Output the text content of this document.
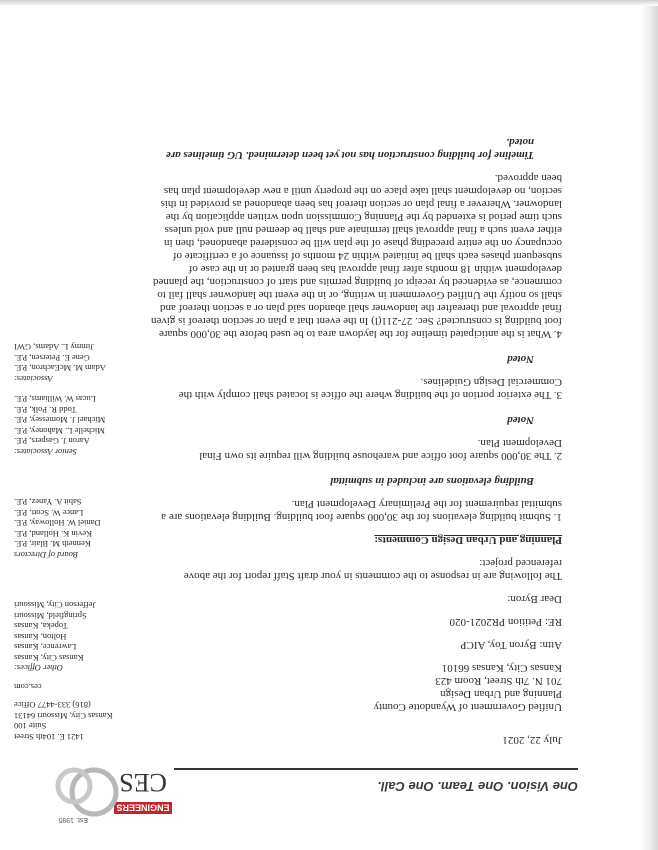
One Vision. One Team. One Call.
ENGINEERS
CES
Est. 1995
July 22, 2021
Unified Government of Wyandotte County
Planning and Urban Design
701 N. 7th Street, Room 423
Kansas City, Kansas 66101
Attn: Byron Toy, AICP
RE: Petition PR2021-020
Dear Byron:
The following are in response to the comments in your draft Staff report for the above referenced project:
Planning and Urban Design Comments:
1. Submit building elevations for the 30,000 square foot building. Building elevations are a submittal requirement for the Preliminary Development Plan.
Building elevations are included in submittal
2. The 30,000 square foot office and warehouse building will require its own Final Development Plan.
Noted
3. The exterior portion of the building where the office is located shall comply with the Commercial Design Guidelines.
Noted
4. What is the anticipated timeline for the laydown area to be used before the 30,000 square foot building is constructed? Sec. 27-211(l) In the event that a plan or section thereof is given final approval and thereafter the landowner shall abandon said plan or a section thereof and shall so notify the Unified Government in writing, or in the event the landowner shall fail to commence, as evidenced by receipt of building permits and start of construction, the planned development within 18 months after final approval has been granted or in the case of subsequent phases each shall be initiated within 24 months of issuance of a certificate of occupancy on the entire preceding phase of the plan will be considered abandoned, then in either event such a final approval shall terminate and shall be deemed null and void unless such time period is extended by the Planning Commission upon written application by the landowner. Wherever a final plan or section thereof has been abandoned as provided in this section, no development shall take place on the property until a new development plan has been approved.
Timeline for building construction has not yet been determined. UG timelines are noted.
1421 E. 104th Street
Suite 100
Kansas City, Missouri 64131
(816) 333-4477 Office
ces.com
Other Offices:
Kansas City, Kansas
Lawrence, Kansas
Holton, Kansas
Topeka, Kansas
Springfield, Missouri
Jefferson City, Missouri
Board of Directors
Kenneth M. Blair, P.E.
Kevin K. Holland, P.E.
Daniel W. Holloway, P.E.
Lance W. Scott, P.E.
Sabit A. Yanez, P.E.
Senior Associates:
Aaron J. Gaspers, P.E.
Michelle L. Mahoney, P.E.
Michael J. Momessey, P.E.
Todd R. Polk, P.E.
Lucas W. Williams, P.E.
Associates:
Adam M. McEachron, P.E.
Gene E. Petersen, P.E.
Jimmy L. Adams, GWI
